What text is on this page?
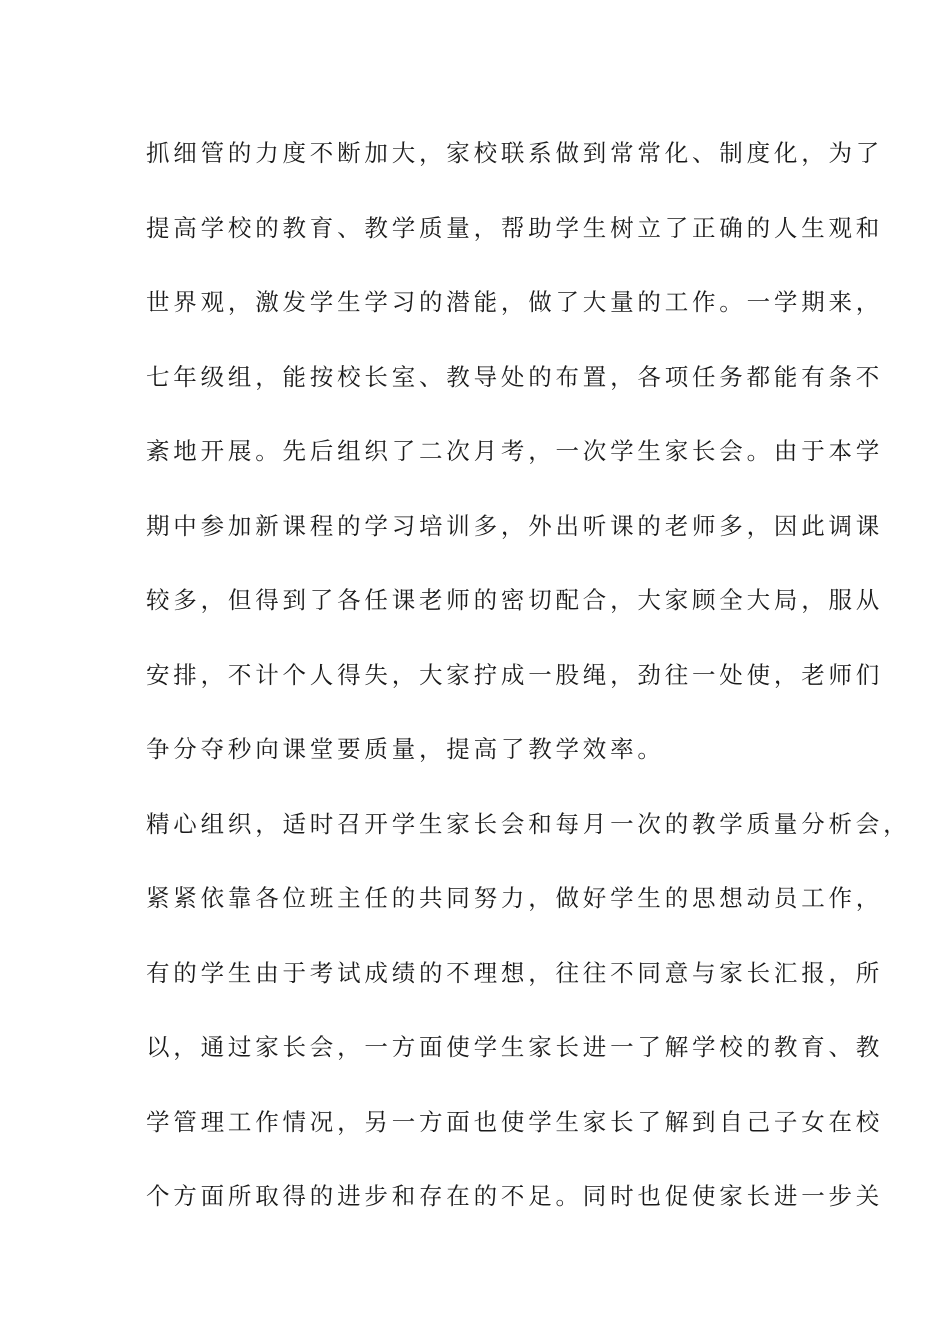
抓细管的力度不断加大，家校联系做到常常化、制度化，为了
提高学校的教育、教学质量，帮助学生树立了正确的人生观和
世界观，激发学生学习的潜能，做了大量的工作。一学期来，
七年级组，能按校长室、教导处的布置，各项任务都能有条不
紊地开展。先后组织了二次月考，一次学生家长会。由于本学
期中参加新课程的学习培训多，外出听课的老师多，因此调课
较多，但得到了各任课老师的密切配合，大家顾全大局，服从
安排，不计个人得失，大家拧成一股绳，劲往一处使，老师们
争分夺秒向课堂要质量，提高了教学效率。
精心组织，适时召开学生家长会和每月一次的教学质量分析会，
紧紧依靠各位班主任的共同努力，做好学生的思想动员工作，
有的学生由于考试成绩的不理想，往往不同意与家长汇报，所
以，通过家长会，一方面使学生家长进一了解学校的教育、教
学管理工作情况，另一方面也使学生家长了解到自己子女在校
个方面所取得的进步和存在的不足。同时也促使家长进一步关
